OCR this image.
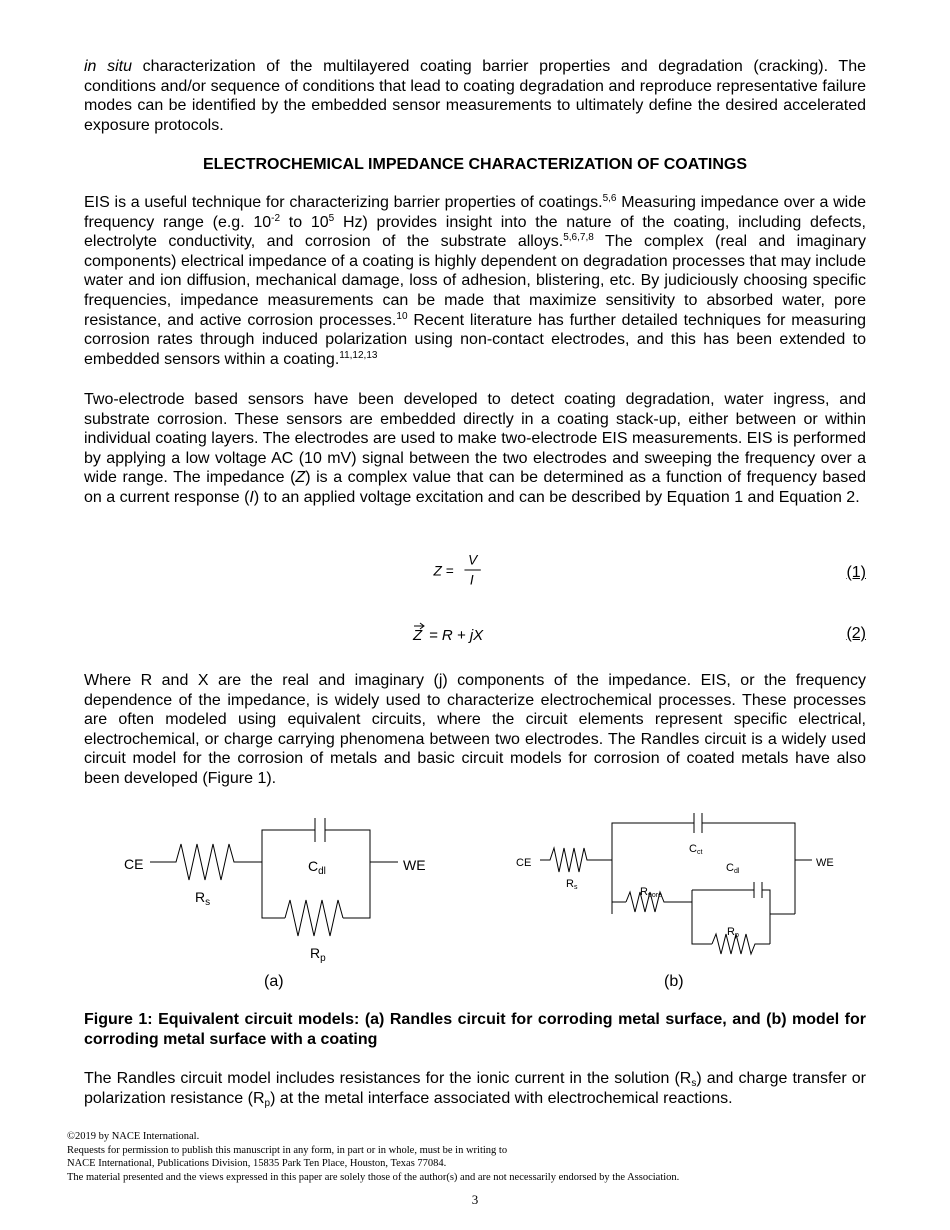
in situ characterization of the multilayered coating barrier properties and degradation (cracking). The conditions and/or sequence of conditions that lead to coating degradation and reproduce representative failure modes can be identified by the embedded sensor measurements to ultimately define the desired accelerated exposure protocols.

ELECTROCHEMICAL IMPEDANCE CHARACTERIZATION OF COATINGS

EIS is a useful technique for characterizing barrier properties of coatings.$^{5,6}$ Measuring impedance over a wide frequency range (e.g. $10^{-2}$ to $10^5$ Hz) provides insight into the nature of the coating, including defects, electrolyte conductivity, and corrosion of the substrate alloys.$^{5,6,7,8}$ The complex (real and imaginary components) electrical impedance of a coating is highly dependent on degradation processes that may include water and ion diffusion, mechanical damage, loss of adhesion, blistering, etc. By judiciously choosing specific frequencies, impedance measurements can be made that maximize sensitivity to absorbed water, pore resistance, and active corrosion processes.$^{10}$ Recent literature has further detailed techniques for measuring corrosion rates through induced polarization using non-contact electrodes, and this has been extended to embedded sensors within a coating.$^{11,12,13}$

Two-electrode based sensors have been developed to detect coating degradation, water ingress, and substrate corrosion. These sensors are embedded directly in a coating stack-up, either between or within individual coating layers. The electrodes are used to make two-electrode EIS measurements. EIS is performed by applying a low voltage AC (10 mV) signal between the two electrodes and sweeping the frequency over a wide range. The impedance (Z) is a complex value that can be determined as a function of frequency based on a current response (I) to an applied voltage excitation and can be described by Equation 1 and Equation 2.

Z =
V
I	(1)
Z = R + jX	(2)

Where R and X are the real and imaginary (j) components of the impedance. EIS, or the frequency dependence of the impedance, is widely used to characterize electrochemical processes. These processes are often modeled using equivalent circuits, where the circuit elements represent specific electrical, electrochemical, or charge carrying phenomena between two electrodes. The Randles circuit is a widely used circuit model for the corrosion of metals and basic circuit models for corrosion of coated metals have also been developed (Figure 1).

Figure 1: Equivalent circuit models: (a) Randles circuit for corroding metal surface, and (b) model for corroding metal surface with a coating

The Randles circuit model includes resistances for the ionic current in the solution $(R_s)$ and charge transfer or polarization resistance $(R_p)$ at the metal interface associated with electrochemical reactions.

CE	WE
$C_{dl}$
$R_s$
$R_p$
(a)
CE	WE
Cct
Cdl
Rs	Rpore
Rp
(b)
©2019 by NACE International.
Requests for permission to publish this manuscript in any form, in part or in whole, must be in writing to
NACE International, Publications Division, 15835 Park Ten Place, Houston, Texas 77084.
The material presented and the views expressed in this paper are solely those of the author(s) and are not necessarily endorsed by the Association.
3
